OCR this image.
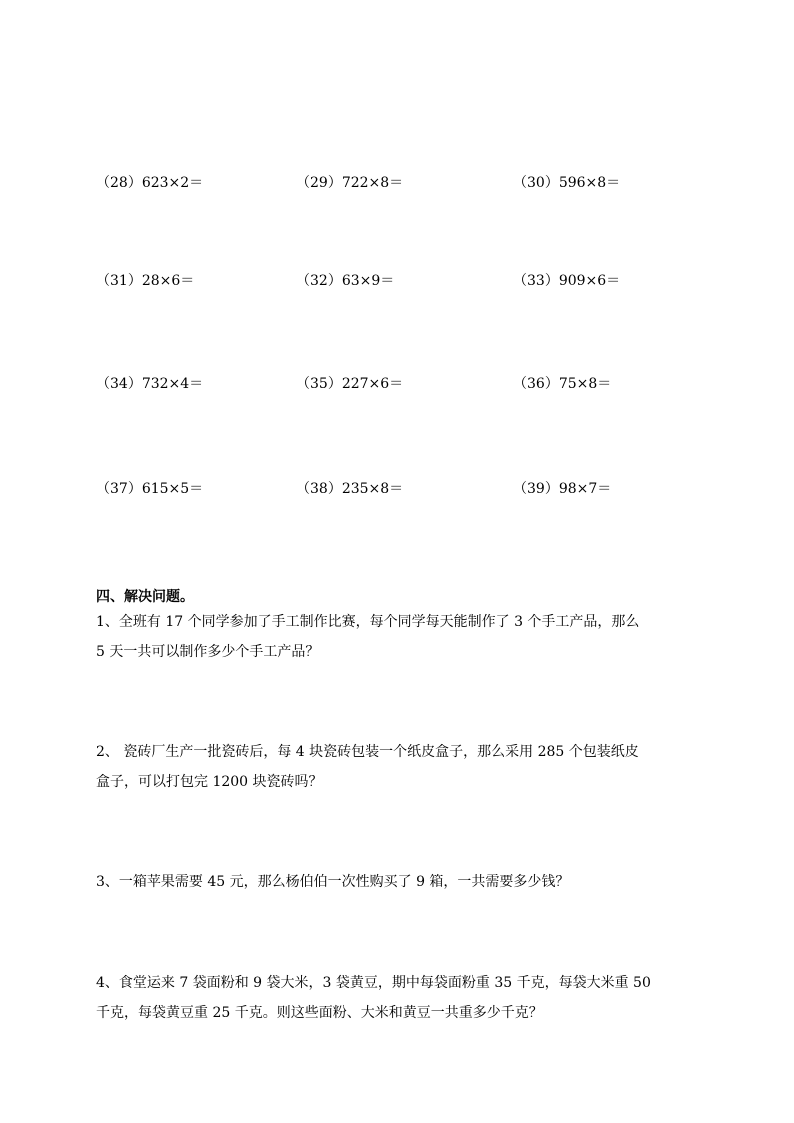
（28）623×2＝	（29）722×8＝	（30）596×8＝
（31）28×6＝	（32）63×9＝	（33）909×6＝
（34）732×4＝	（35）227×6＝	（36）75×8＝
（37）615×5＝	（38）235×8＝	（39）98×7＝
四、解决问题。

1、全班有 17 个同学参加了手工制作比赛，每个同学每天能制作了 3 个手工产品，那么

5 天一共可以制作多少个手工产品？

2、 瓷砖厂生产一批瓷砖后，每 4 块瓷砖包装一个纸皮盒子，那么采用 285 个包装纸皮

盒子，可以打包完 1200 块瓷砖吗？

3、一箱苹果需要 45 元，那么杨伯伯一次性购买了 9 箱，一共需要多少钱？

4、食堂运来 7 袋面粉和 9 袋大米，3 袋黄豆，期中每袋面粉重 35 千克，每袋大米重 50

千克，每袋黄豆重 25 千克。则这些面粉、大米和黄豆一共重多少千克？
